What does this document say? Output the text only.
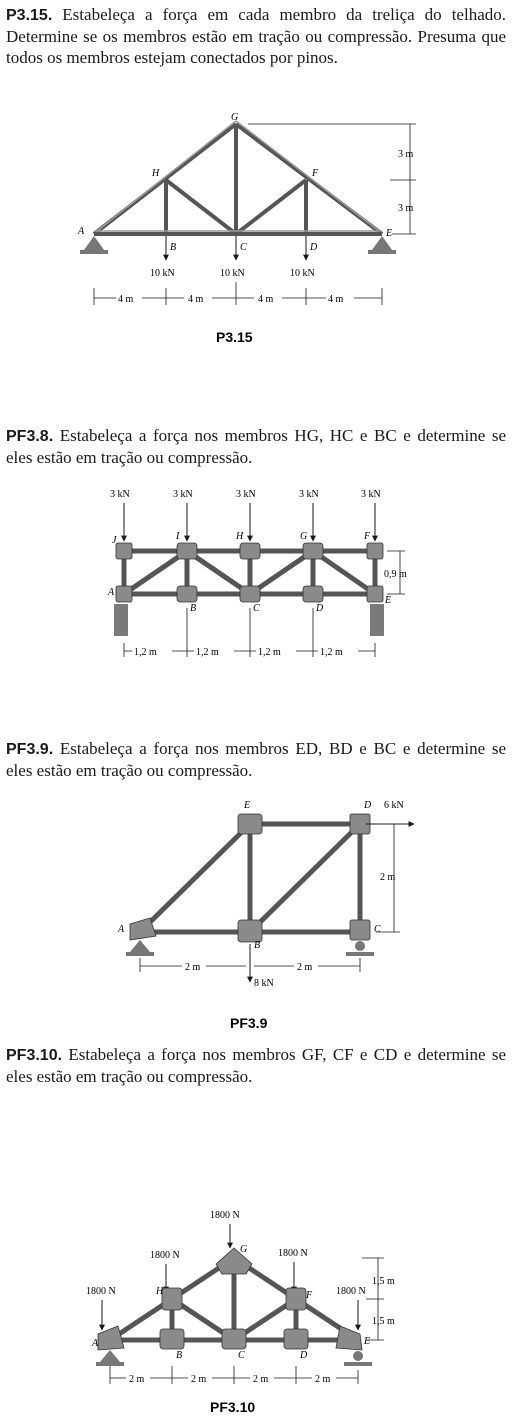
P3.15. Estabeleça a força em cada membro da treliça do telhado. Determine se os membros estão em tração ou compressão. Presuma que todos os membros estejam conectados por pinos.

A
B	C	D
E
F
G
H
10 kN	10 kN	10 kN
3 m
3 m
4 m	4 m	4 m	4 m
P3.15

PF3.8. Estabeleça a força nos membros HG, HC e BC e determine se eles estão em tração ou compressão.

3 kN	3 kN	3 kN	3 kN	3 kN
J	I	H	G	F
A
B	C	D
E
0,9 m
1,2 m	1,2 m	1,2 m	1,2 m

PF3.9. Estabeleça a força nos membros ED, BD e BC e determine se eles estão em tração ou compressão.

A
B
C
D
E	6 kN
8 kN
2 m
2 m	2 m
PF3.9

PF3.10. Estabeleça a força nos membros GF, CF e CD e determine se eles estão em tração ou compressão.

1800 N
1800 N	1800 N
1800 N	1800 N
A
B	C	D
E
F
G
H
1,5 m
1,5 m
2 m	2 m	2 m	2 m
PF3.10
